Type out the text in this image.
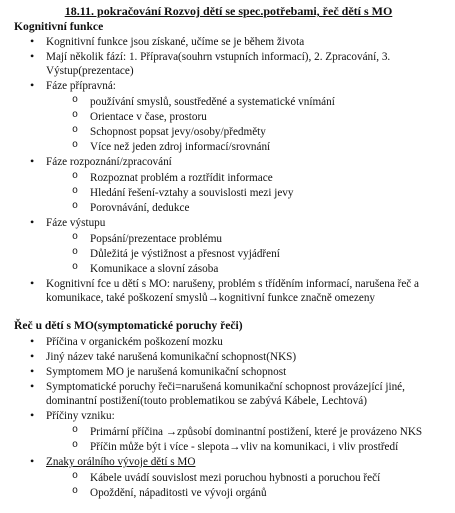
18.11. pokračování Rozvoj dětí se spec.potřebami, řeč dětí s MO
Kognitivní funkce
• Kognitivní funkce jsou získané, učíme se je během života
• Mají několik fází: 1. Příprava(souhrn vstupních informací), 2. Zpracování, 3. Výstup(prezentace)
• Fáze přípravná:
o používání smyslů, soustředěné a systematické vnímání
o Orientace v čase, prostoru
o Schopnost popsat jevy/osoby/předměty
o Více než jeden zdroj informací/srovnání
• Fáze rozpoznání/zpracování
o Rozpoznat problém a roztřídit informace
o Hledání řešení-vztahy a souvislosti mezi jevy
o Porovnávání, dedukce
• Fáze výstupu
o Popsání/prezentace problému
o Důležitá je výstižnost a přesnost vyjádření
o Komunikace a slovní zásoba
• Kognitivní fce u dětí s MO: narušeny, problém s tříděním informací, narušena řeč a komunikace, také poškození smyslů→kognitivní funkce značně omezeny
Řeč u dětí s MO(symptomatické poruchy řeči)
• Příčina v organickém poškození mozku
• Jiný název také narušená komunikační schopnost(NKS)
• Symptomem MO je narušená komunikační schopnost
• Symptomatické poruchy řeči=narušená komunikační schopnost provázející jiné, dominantní postižení(touto problematikou se zabývá Kábele, Lechtová)
• Příčiny vzniku:
o Primární příčina →způsobí dominantní postižení, které je provázeno NKS
o Příčin může být i více - slepota→vliv na komunikaci, i vliv prostředí
• Znaky orálního vývoje dětí s MO
o Kábele uvádí souvislost mezi poruchou hybnosti a poruchou řečí
o Opoždění, nápaditosti ve vývoji orgánů
